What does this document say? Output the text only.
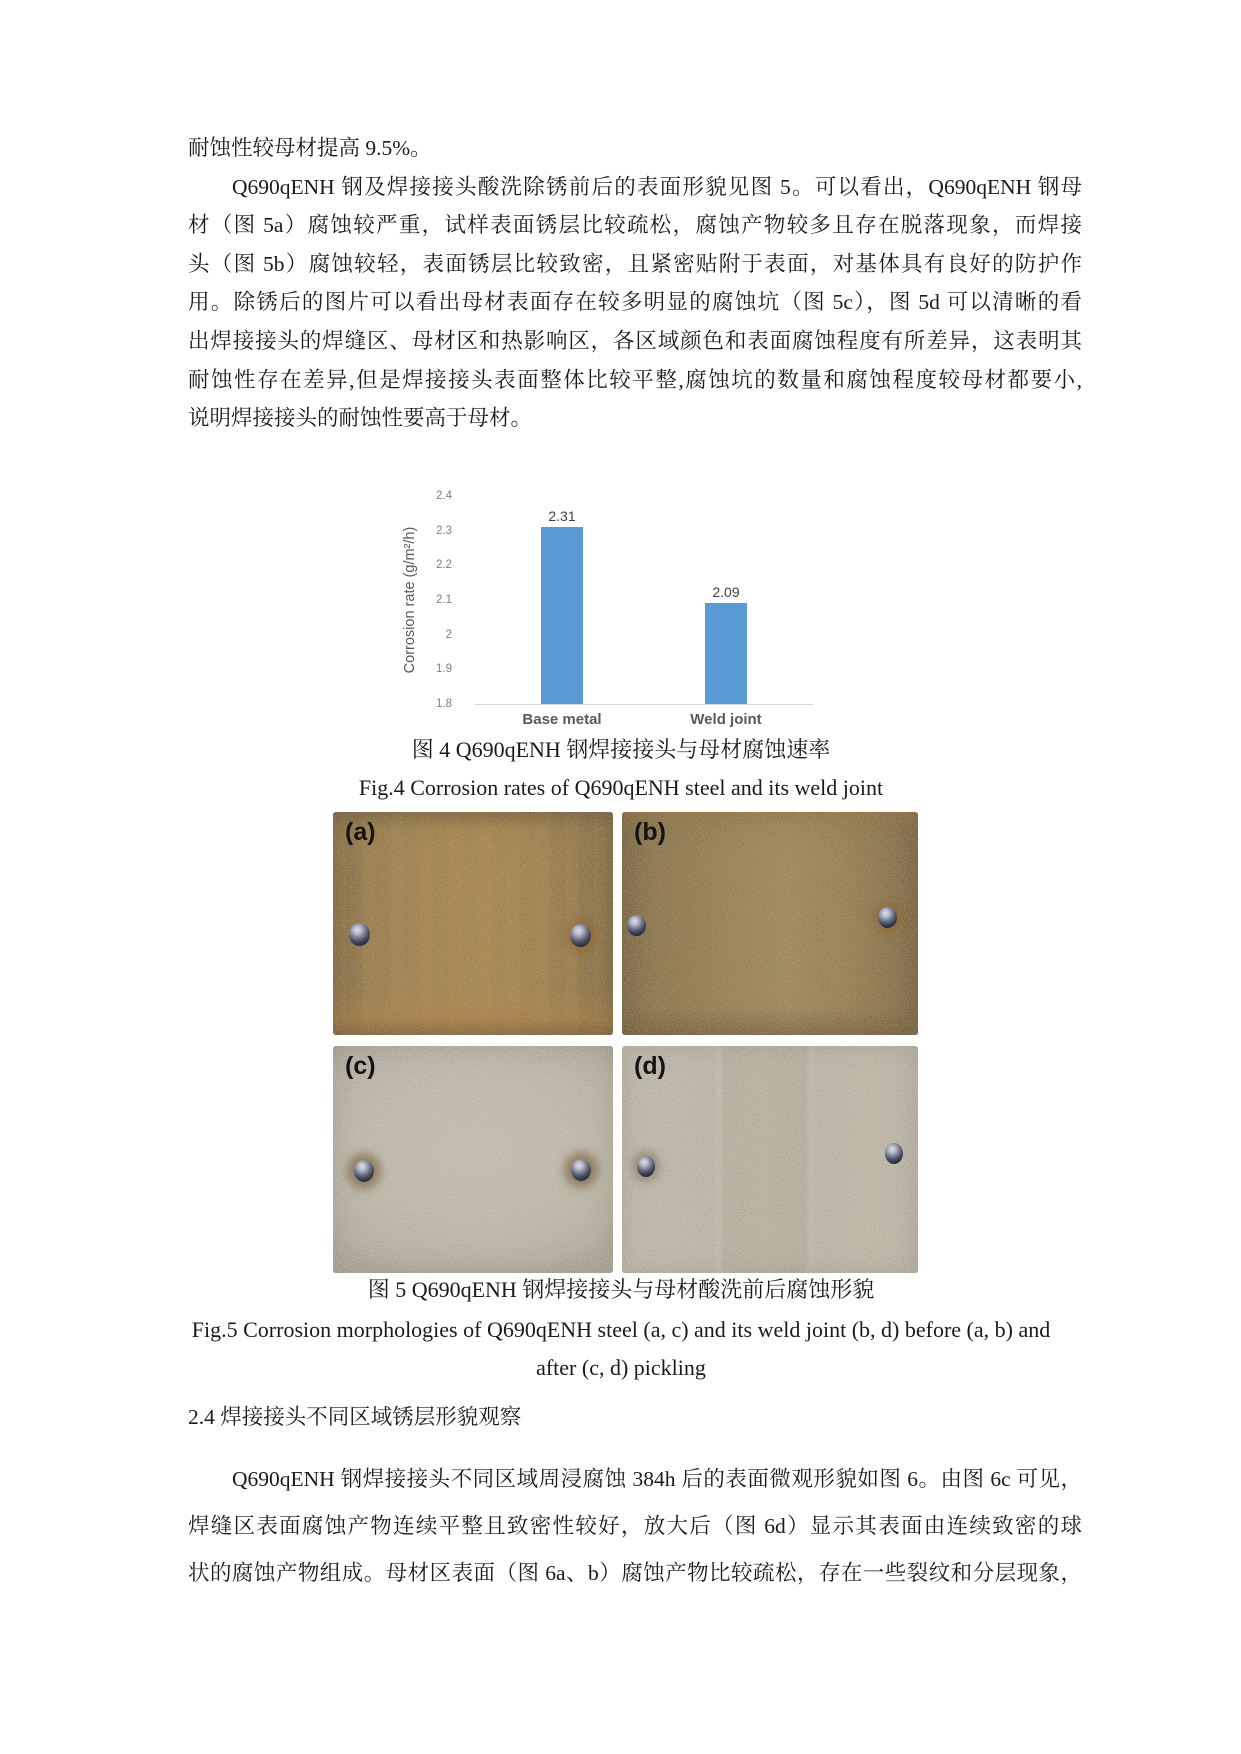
耐蚀性较母材提高 9.5%。
Q690qENH 钢及焊接接头酸洗除锈前后的表面形貌见图 5。可以看出，Q690qENH 钢母
材（图 5a）腐蚀较严重，试样表面锈层比较疏松，腐蚀产物较多且存在脱落现象，而焊接
头（图 5b）腐蚀较轻，表面锈层比较致密，且紧密贴附于表面，对基体具有良好的防护作
用。除锈后的图片可以看出母材表面存在较多明显的腐蚀坑（图 5c），图 5d 可以清晰的看
出焊接接头的焊缝区、母材区和热影响区，各区域颜色和表面腐蚀程度有所差异，这表明其
耐蚀性存在差异,但是焊接接头表面整体比较平整,腐蚀坑的数量和腐蚀程度较母材都要小,
说明焊接接头的耐蚀性要高于母材。
Corrosion rate (g/m²/h)
2.4
2.3
2.2
2.1
2
1.9
1.8
2.31
2.09
Base metal	Weld joint
图 4 Q690qENH 钢焊接接头与母材腐蚀速率
Fig.4 Corrosion rates of Q690qENH steel and its weld joint
(a)	(b)
(c)	(d)
图 5 Q690qENH 钢焊接接头与母材酸洗前后腐蚀形貌
Fig.5 Corrosion morphologies of Q690qENH steel (a, c) and its weld joint (b, d) before (a, b) and
after (c, d) pickling
2.4 焊接接头不同区域锈层形貌观察
Q690qENH 钢焊接接头不同区域周浸腐蚀 384h 后的表面微观形貌如图 6。由图 6c 可见，
焊缝区表面腐蚀产物连续平整且致密性较好，放大后（图 6d）显示其表面由连续致密的球
状的腐蚀产物组成。母材区表面（图 6a、b）腐蚀产物比较疏松，存在一些裂纹和分层现象，
